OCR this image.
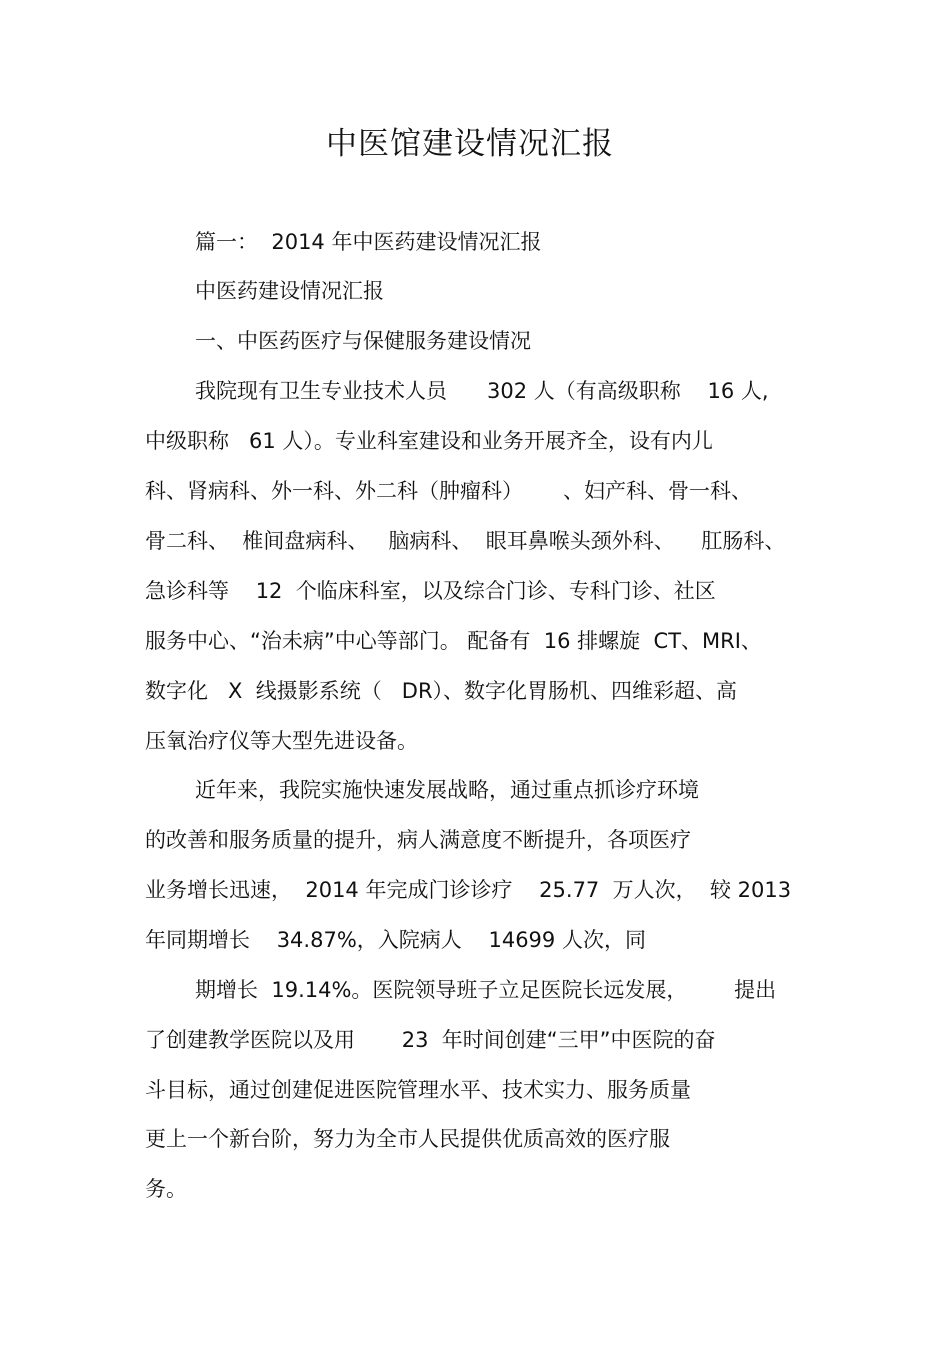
中医馆建设情况汇报
篇一：  2014 年中医药建设情况汇报
中医药建设情况汇报
一、中医药医疗与保健服务建设情况
我院现有卫生专业技术人员      302 人（有高级职称    16 人,
中级职称   61 人）。专业科室建设和业务开展齐全，设有内儿
科、肾病科、外一科、外二科（肿瘤科）      、妇产科、骨一科、
骨二科、  椎间盘病科、   脑病科、  眼耳鼻喉头颈外科、    肛肠科、
急诊科等    12  个临床科室，以及综合门诊、专科门诊、社区
服务中心、“治未病”中心等部门。 配备有  16 排螺旋  CT、MRI、
数字化   X  线摄影系统（   DR）、数字化胃肠机、四维彩超、高
压氧治疗仪等大型先进设备。
近年来，我院实施快速发展战略，通过重点抓诊疗环境
的改善和服务质量的提升，病人满意度不断提升，各项医疗
业务增长迅速，  2014 年完成门诊诊疗    25.77  万人次，  较 2013
年同期增长    34.87%，入院病人    14699 人次，同
期增长  19.14%。医院领导班子立足医院长远发展，       提出
了创建教学医院以及用       23  年时间创建“三甲”中医院的奋
斗目标，通过创建促进医院管理水平、技术实力、服务质量
更上一个新台阶，努力为全市人民提供优质高效的医疗服
务。
